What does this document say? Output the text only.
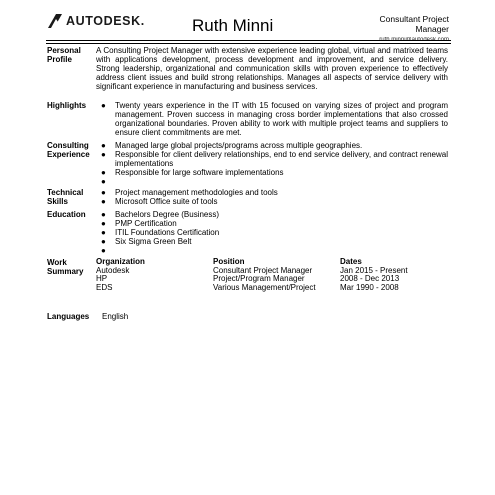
AUTODESK.	Ruth Minni	Consultant Project Manager
ruth.minni@autodesk.com
Personal Profile
A Consulting Project Manager with extensive experience leading global, virtual and matrixed teams with applications development, process development and improvement, and service delivery. Strong leadership, organizational and communication skills with proven experience to effectively address client issues and build strong relationships. Manages all aspects of service delivery with significant experience in manufacturing and business services.
Highlights	● Twenty years experience in the IT with 15 focused on varying sizes of project and program management. Proven success in managing cross border implementations that also crossed organizational boundaries. Proven ability to work with multiple project teams and suppliers to ensure client commitments are met.
Consulting Experience
● Managed large global projects/programs across multiple geographies.
● Responsible for client delivery relationships, end to end service delivery, and contract renewal implementations
● Responsible for large software implementations
●

Technical Skills
● Project management methodologies and tools
● Microsoft Office suite of tools
Education	● Bachelors Degree (Business)
● PMP Certification
● ITIL Foundations Certification
● Six Sigma Green Belt
●

Work Summary
Organization	Position	Dates
Autodesk	Consultant Project Manager	Jan 2015 - Present
HP	Project/Program Manager	2008 - Dec 2013
EDS	Various Management/Project	Mar 1990 - 2008
Languages	English
